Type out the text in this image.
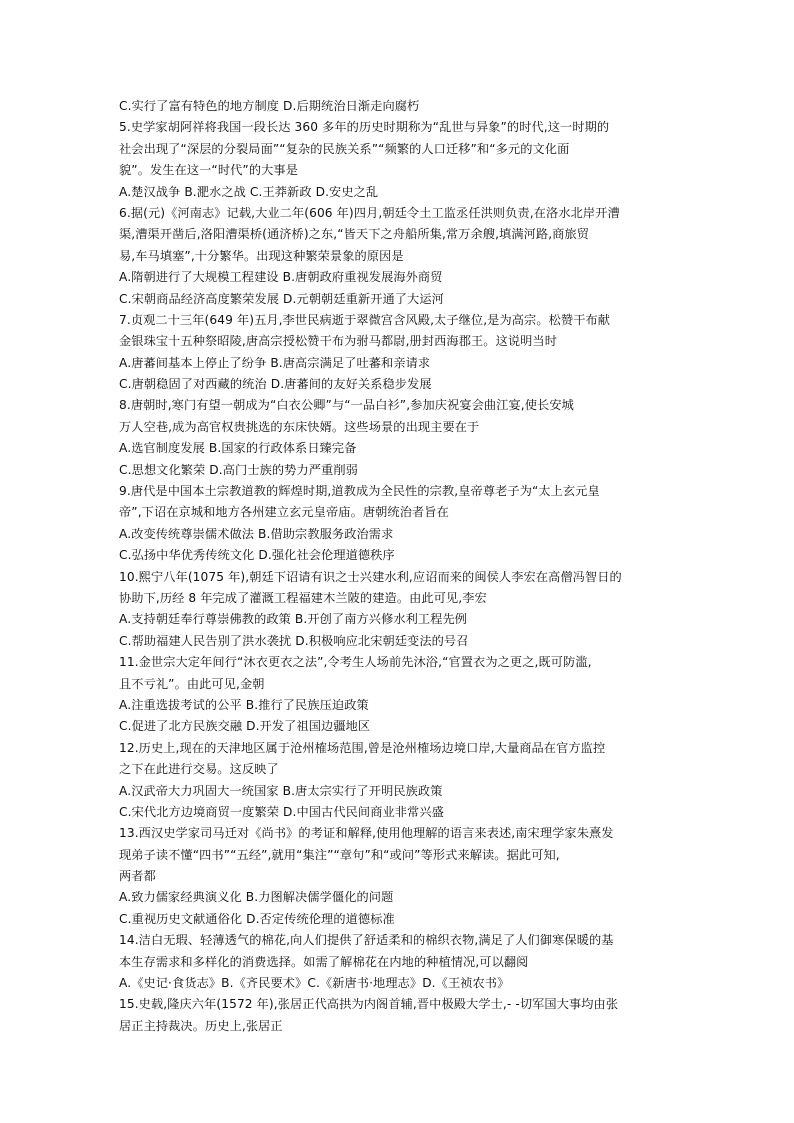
C.实行了富有特色的地方制度 D.后期统治日渐走向腐朽
5.史学家胡阿祥将我国一段长达 360 多年的历史时期称为“乱世与异象”的时代,这一时期的
社会出现了“深层的分裂局面”“复杂的民族关系”“频繁的人口迁移”和“多元的文化面
貌”。发生在这一“时代”的大事是
A.楚汉战争 B.淝水之战 C.王莽新政 D.安史之乱
6.据(元)《河南志》记载,大业二年(606 年)四月,朝廷令土工监丞任洪则负责,在洛水北岸开漕
渠,漕渠开凿后,洛阳漕渠桥(通济桥)之东,“皆天下之舟船所集,常万余艘,填满河路,商旅贸
易,车马填塞”,十分繁华。出现这种繁荣景象的原因是
A.隋朝进行了大规模工程建设 B.唐朝政府重视发展海外商贸
C.宋朝商品经济高度繁荣发展 D.元朝朝廷重新开通了大运河
7.贞观二十三年(649 年)五月,李世民病逝于翠微宫含风殿,太子继位,是为高宗。松赞干布献
金银珠宝十五种祭昭陵,唐高宗授松赞干布为驸马都尉,册封西海郡王。这说明当时
A.唐蕃间基本上停止了纷争 B.唐高宗满足了吐蕃和亲请求
C.唐朝稳固了对西藏的统治 D.唐蕃间的友好关系稳步发展
8.唐朝时,寒门有望一朝成为“白衣公卿”与“一品白衫”,参加庆祝宴会曲江宴,使长安城
万人空巷,成为高官权贵挑选的东床快婿。这些场景的出现主要在于
A.选官制度发展 B.国家的行政体系日臻完备
C.思想文化繁荣 D.高门士族的势力严重削弱
9.唐代是中国本土宗教道教的辉煌时期,道教成为全民性的宗教,皇帝尊老子为“太上玄元皇
帝”,下诏在京城和地方各州建立玄元皇帝庙。唐朝统治者旨在
A.改变传统尊崇儒术做法 B.借助宗教服务政治需求
C.弘扬中华优秀传统文化 D.强化社会伦理道德秩序
10.熙宁八年(1075 年),朝廷下诏请有识之士兴建水利,应诏而来的闽侯人李宏在高僧冯智日的
协助下,历经 8 年完成了灌溉工程福建木兰陂的建造。由此可见,李宏
A.支持朝廷奉行尊崇佛教的政策 B.开创了南方兴修水利工程先例
C.帮助福建人民告别了洪水袭扰 D.积极响应北宋朝廷变法的号召
11.金世宗大定年间行“沐衣更衣之法”,令考生人场前先沐浴,“官置衣为之更之,既可防滥,
且不亏礼”。由此可见,金朝
A.注重选拔考试的公平 B.推行了民族压迫政策
C.促进了北方民族交融 D.开发了祖国边疆地区
12.历史上,现在的天津地区属于沧州榷场范围,曾是沧州榷场边境口岸,大量商品在官方监控
之下在此进行交易。这反映了
A.汉武帝大力巩固大一统国家 B.唐太宗实行了开明民族政策
C.宋代北方边境商贸一度繁荣 D.中国古代民间商业非常兴盛
13.西汉史学家司马迁对《尚书》的考证和解释,使用他理解的语言来表述,南宋理学家朱熹发
现弟子读不懂“四书”“五经”,就用“集注”“章句”和“或问”等形式来解读。据此可知,
两者都
A.致力儒家经典演义化 B.力图解决儒学僵化的问题
C.重视历史文献通俗化 D.否定传统伦理的道德标准
14.洁白无瑕、轻薄透气的棉花,向人们提供了舒适柔和的棉织衣物,满足了人们御寒保暖的基
本生存需求和多样化的消费选择。如需了解棉花在内地的种植情况,可以翻阅
A.《史记·食货志》B.《齐民要术》C.《新唐书·地理志》D.《王祯农书》
15.史载,隆庆六年(1572 年),张居正代高拱为内阁首辅,晋中极殿大学士,- -切军国大事均由张
居正主持裁决。历史上,张居正
